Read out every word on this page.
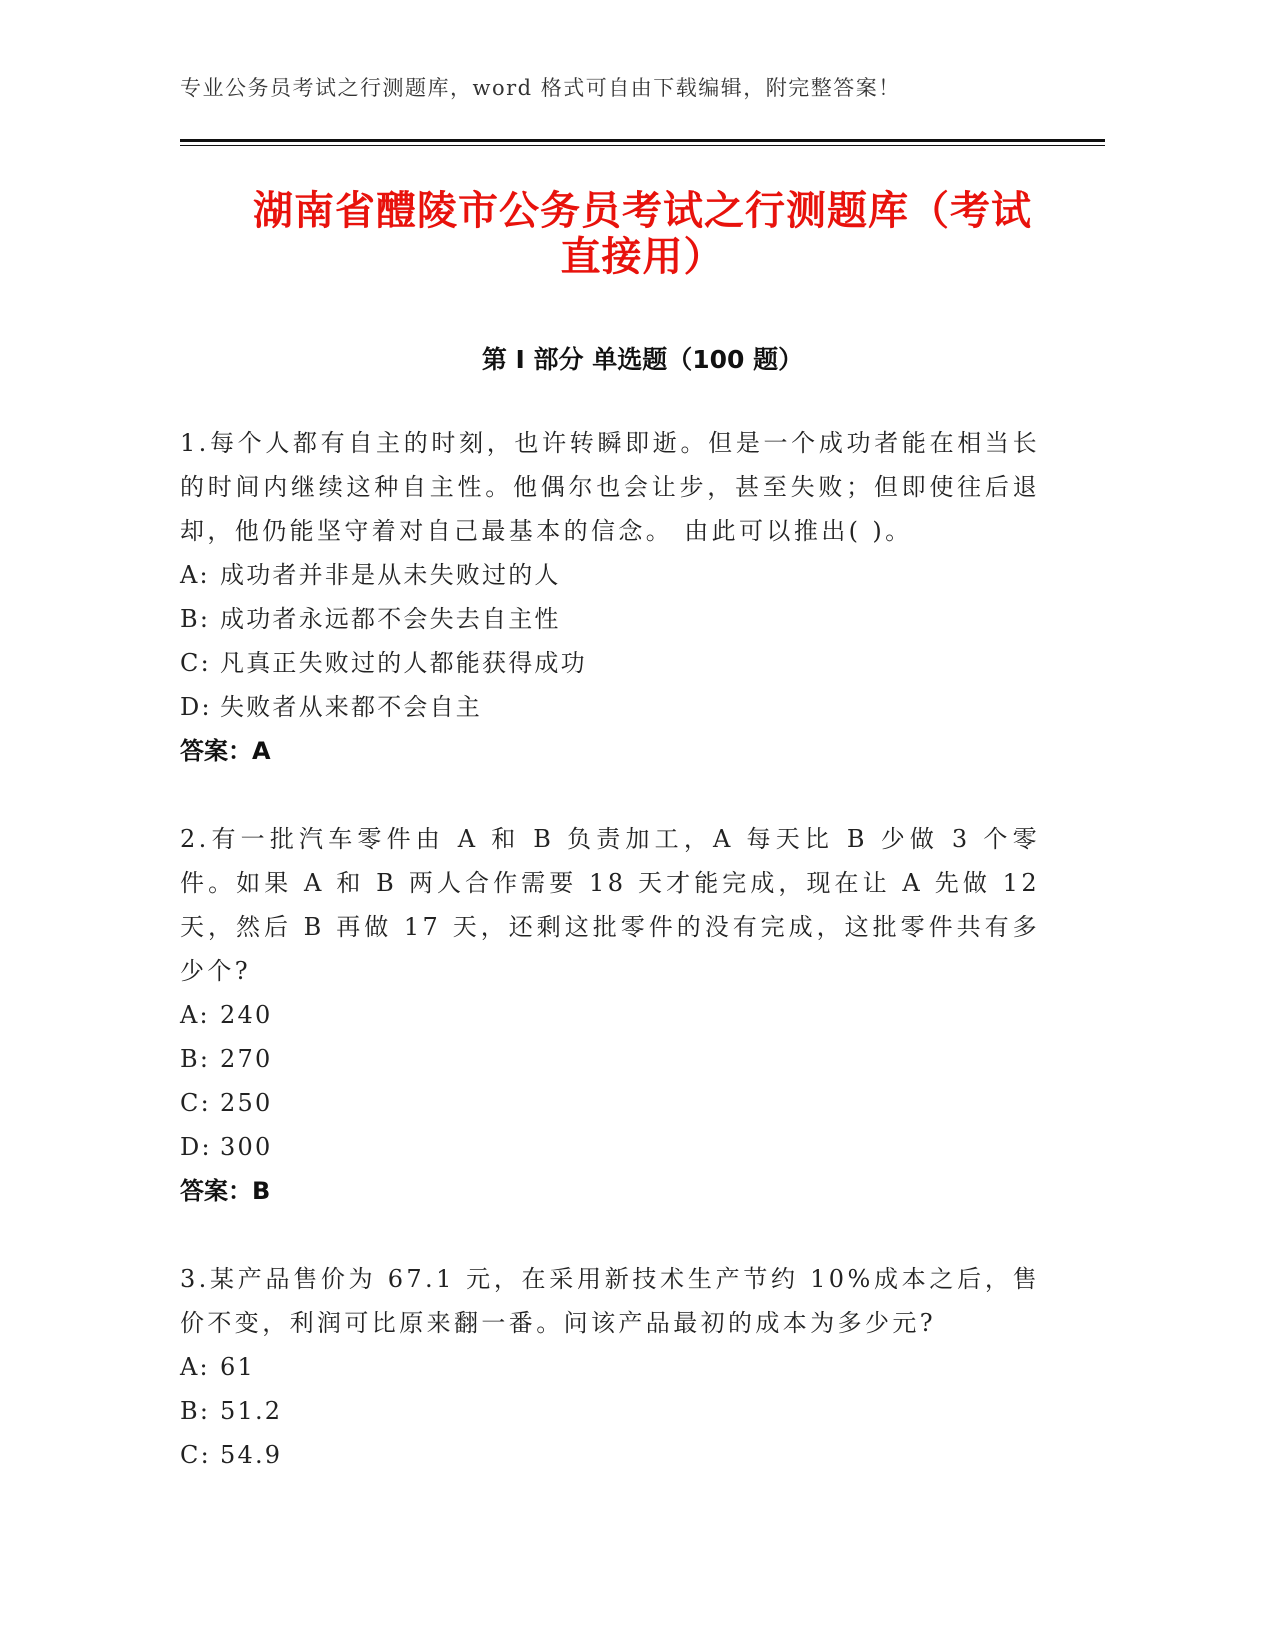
专业公务员考试之行测题库，word 格式可自由下载编辑，附完整答案！
湖南省醴陵市公务员考试之行测题库（考试
直接用）
第 I 部分 单选题（100 题）

1.每个人都有自主的时刻，也许转瞬即逝。但是一个成功者能在相当长的时间内继续这种自主性。他偶尔也会让步，甚至失败；但即使往后退却，他仍能坚守着对自己最基本的信念。 由此可以推出( )。

A: 成功者并非是从未失败过的人
B: 成功者永远都不会失去自主性
C: 凡真正失败过的人都能获得成功
D: 失败者从来都不会自主
答案：A

2.有一批汽车零件由 A 和 B 负责加工，A 每天比 B 少做 3 个零件。如果 A 和 B 两人合作需要 18 天才能完成，现在让 A 先做 12 天，然后 B 再做 17 天，还剩这批零件的没有完成，这批零件共有多少个?

A: 240
B: 270
C: 250
D: 300
答案：B

3.某产品售价为 67.1 元，在采用新技术生产节约 10%成本之后，售价不变，利润可比原来翻一番。问该产品最初的成本为多少元?

A: 61
B: 51.2
C: 54.9
